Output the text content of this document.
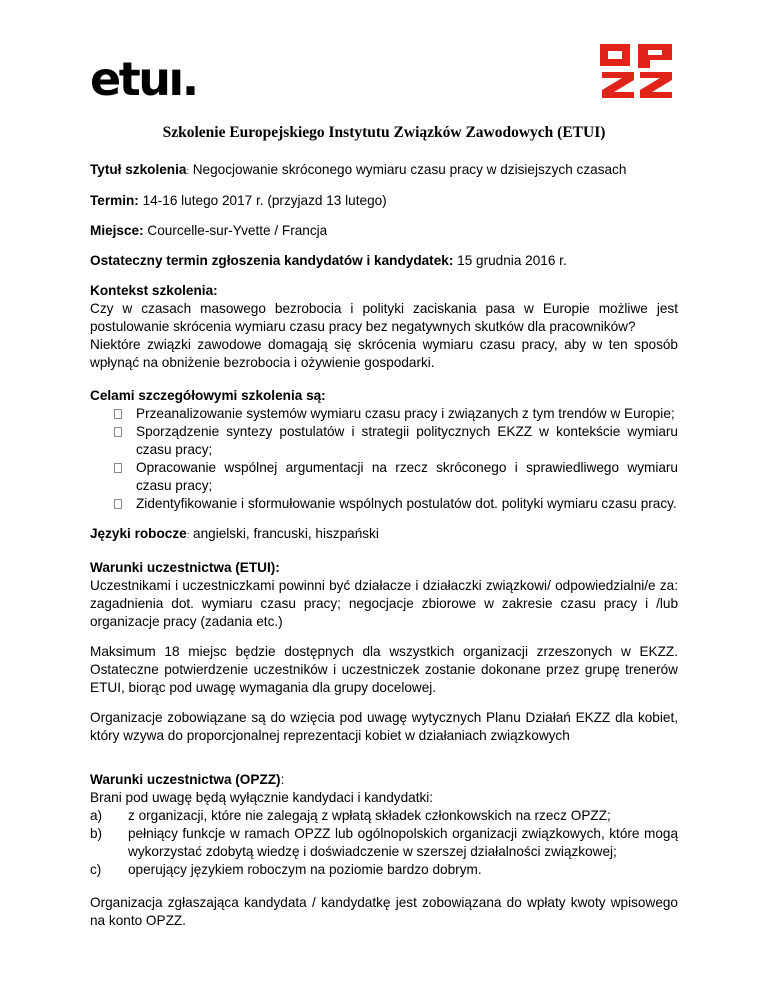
etuı.
Szkolenie Europejskiego Instytutu Związków Zawodowych (ETUI)

Tytuł szkolenia: Negocjowanie skróconego wymiaru czasu pracy w dzisiejszych czasach

Termin: 14-16 lutego 2017 r. (przyjazd 13 lutego)

Miejsce: Courcelle-sur-Yvette / Francja

Ostateczny termin zgłoszenia kandydatów i kandydatek: 15 grudnia 2016 r.

Kontekst szkolenia:

Czy w czasach masowego bezrobocia i polityki zaciskania pasa w Europie możliwe jest postulowanie skrócenia wymiaru czasu pracy bez negatywnych skutków dla pracowników?

Niektóre związki zawodowe domagają się skrócenia wymiaru czasu pracy, aby w ten sposób wpłynąć na obniżenie bezrobocia i ożywienie gospodarki.

Celami szczegółowymi szkolenia są:

Przeanalizowanie systemów wymiaru czasu pracy i związanych z tym trendów w Europie;
Sporządzenie syntezy postulatów i strategii politycznych EKZZ w kontekście wymiaru czasu pracy;
Opracowanie wspólnej argumentacji na rzecz skróconego i sprawiedliwego wymiaru czasu pracy;
Zidentyfikowanie i sformułowanie wspólnych postulatów dot. polityki wymiaru czasu pracy.

Języki robocze: angielski, francuski, hiszpański

Warunki uczestnictwa (ETUI):

Uczestnikami i uczestniczkami powinni być działacze i działaczki związkowi/ odpowiedzialni/e za: zagadnienia dot. wymiaru czasu pracy; negocjacje zbiorowe w zakresie czasu pracy i /lub organizacje pracy (zadania etc.)

Maksimum 18 miejsc będzie dostępnych dla wszystkich organizacji zrzeszonych w EKZZ. Ostateczne potwierdzenie uczestników i uczestniczek zostanie dokonane przez grupę trenerów ETUI, biorąc pod uwagę wymagania dla grupy docelowej.

Organizacje zobowiązane są do wzięcia pod uwagę wytycznych Planu Działań EKZZ dla kobiet, który wzywa do proporcjonalnej reprezentacji kobiet w działaniach związkowych

Warunki uczestnictwa (OPZZ):

Brani pod uwagę będą wyłącznie kandydaci i kandydatki:

a) z organizacji, które nie zalegają z wpłatą składek członkowskich na rzecz OPZZ;
b) pełniący funkcje w ramach OPZZ lub ogólnopolskich organizacji związkowych, które mogą wykorzystać zdobytą wiedzę i doświadczenie w szerszej działalności związkowej;
c) operujący językiem roboczym na poziomie bardzo dobrym.

Organizacja zgłaszająca kandydata / kandydatkę jest zobowiązana do wpłaty kwoty wpisowego na konto OPZZ.
